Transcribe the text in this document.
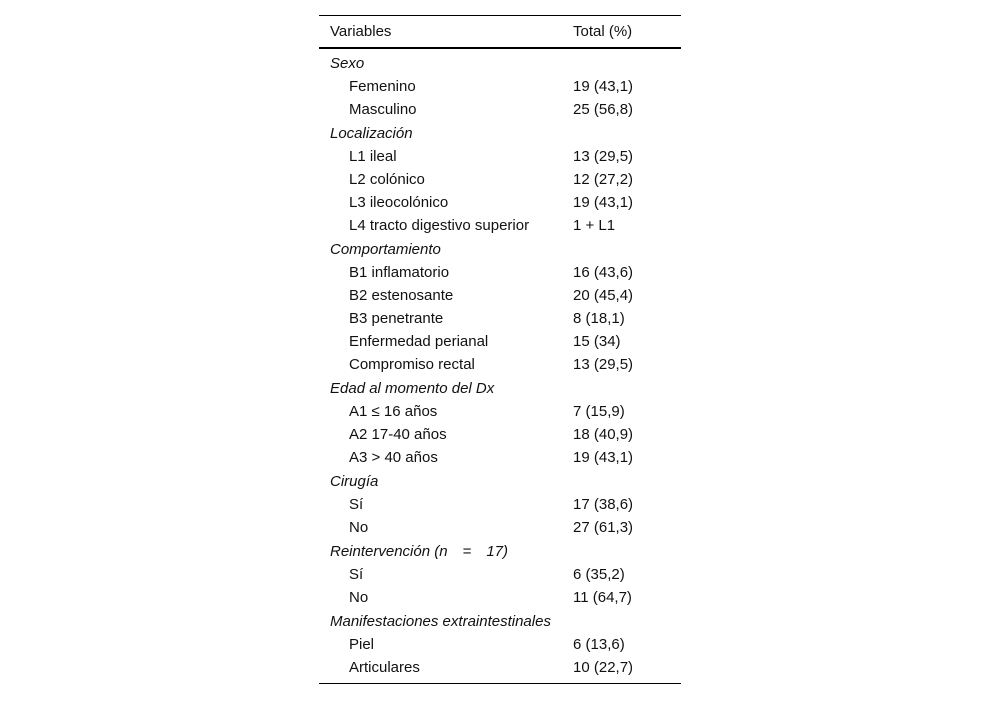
Variables	Total (%)
Sexo
Femenino	19 (43,1)
Masculino	25 (56,8)
Localización
L1 ileal	13 (29,5)
L2 colónico	12 (27,2)
L3 ileocolónico	19 (43,1)
L4 tracto digestivo superior	1 + L1
Comportamiento
B1 inflamatorio	16 (43,6)
B2 estenosante	20 (45,4)
B3 penetrante	8 (18,1)
Enfermedad perianal	15 (34)
Compromiso rectal	13 (29,5)
Edad al momento del Dx
A1 ≤ 16 años	7 (15,9)
A2 17-40 años	18 (40,9)
A3 > 40 años	19 (43,1)
Cirugía
Sí	17 (38,6)
No	27 (61,3)
Reintervención (n = 17)
Sí	6 (35,2)
No	11 (64,7)
Manifestaciones extraintestinales
Piel	6 (13,6)
Articulares	10 (22,7)
